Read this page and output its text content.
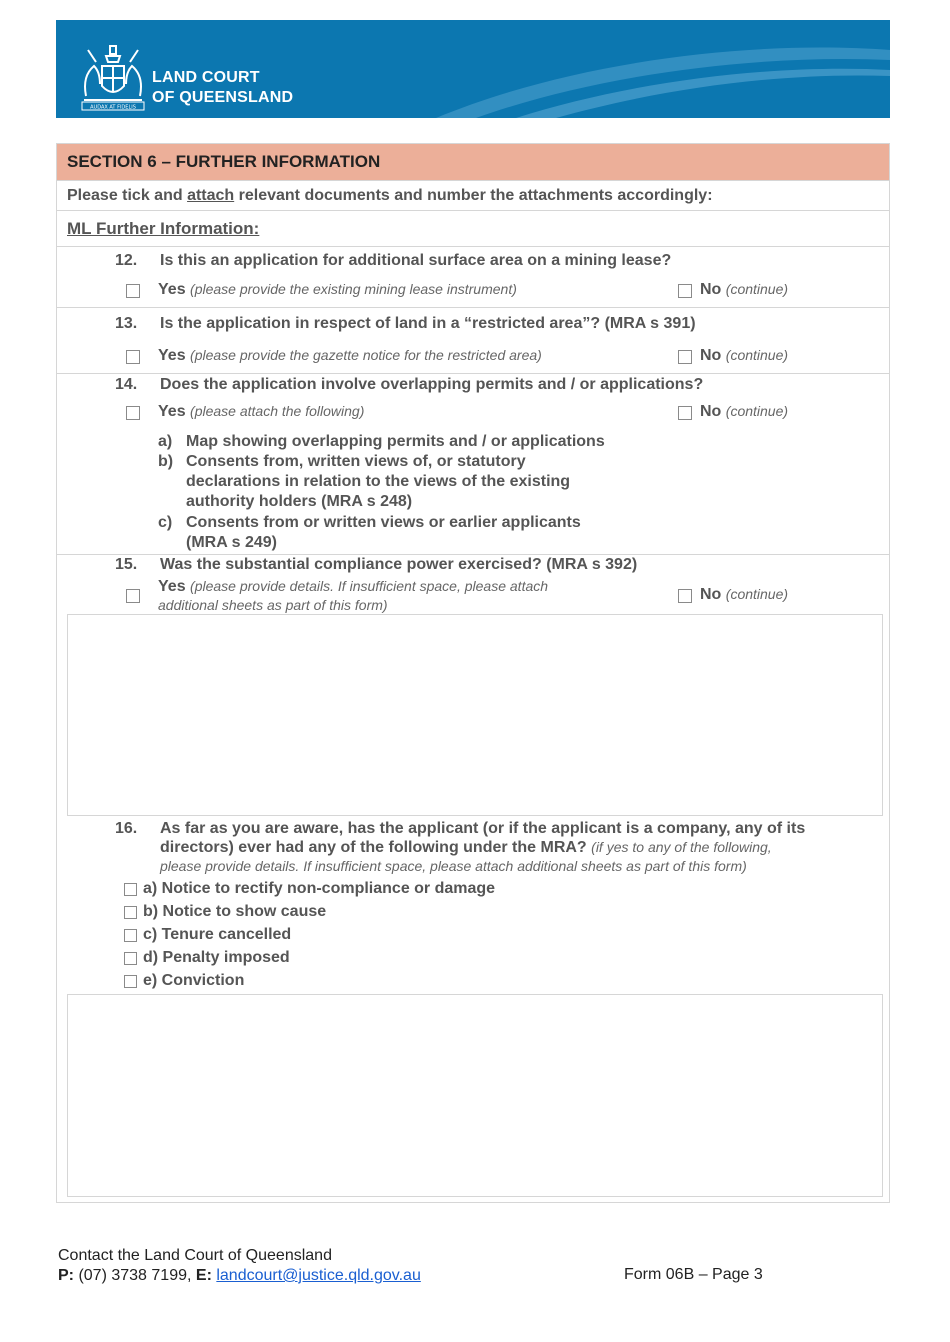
AUDAX AT FIDELIS
LAND COURT
OF QUEENSLAND
SECTION 6 – FURTHER INFORMATION
Please tick and attach relevant documents and number the attachments accordingly:
ML Further Information:
12. Is this an application for additional surface area on a mining lease?
Yes (please provide the existing mining lease instrument)	No (continue)
13. Is the application in respect of land in a “restricted area”? (MRA s 391)
Yes (please provide the gazette notice for the restricted area)	No (continue)
14. Does the application involve overlapping permits and / or applications?
Yes (please attach the following)	No (continue)
a) Map showing overlapping permits and / or applications
b) Consents from, written views of, or statutory
declarations in relation to the views of the existing
authority holders (MRA s 248)
c) Consents from or written views or earlier applicants
(MRA s 249)
15. Was the substantial compliance power exercised? (MRA s 392)
Yes (please provide details. If insufficient space, please attach
additional sheets as part of this form)
No (continue)
16. As far as you are aware, has the applicant (or if the applicant is a company, any of its
directors) ever had any of the following under the MRA? (if yes to any of the following,
please provide details. If insufficient space, please attach additional sheets as part of this form)
a) Notice to rectify non-compliance or damage
b) Notice to show cause
c) Tenure cancelled
d) Penalty imposed
e) Conviction
Contact the Land Court of Queensland
P: (07) 3738 7199, E: landcourt@justice.qld.gov.au	Form 06B – Page 3
